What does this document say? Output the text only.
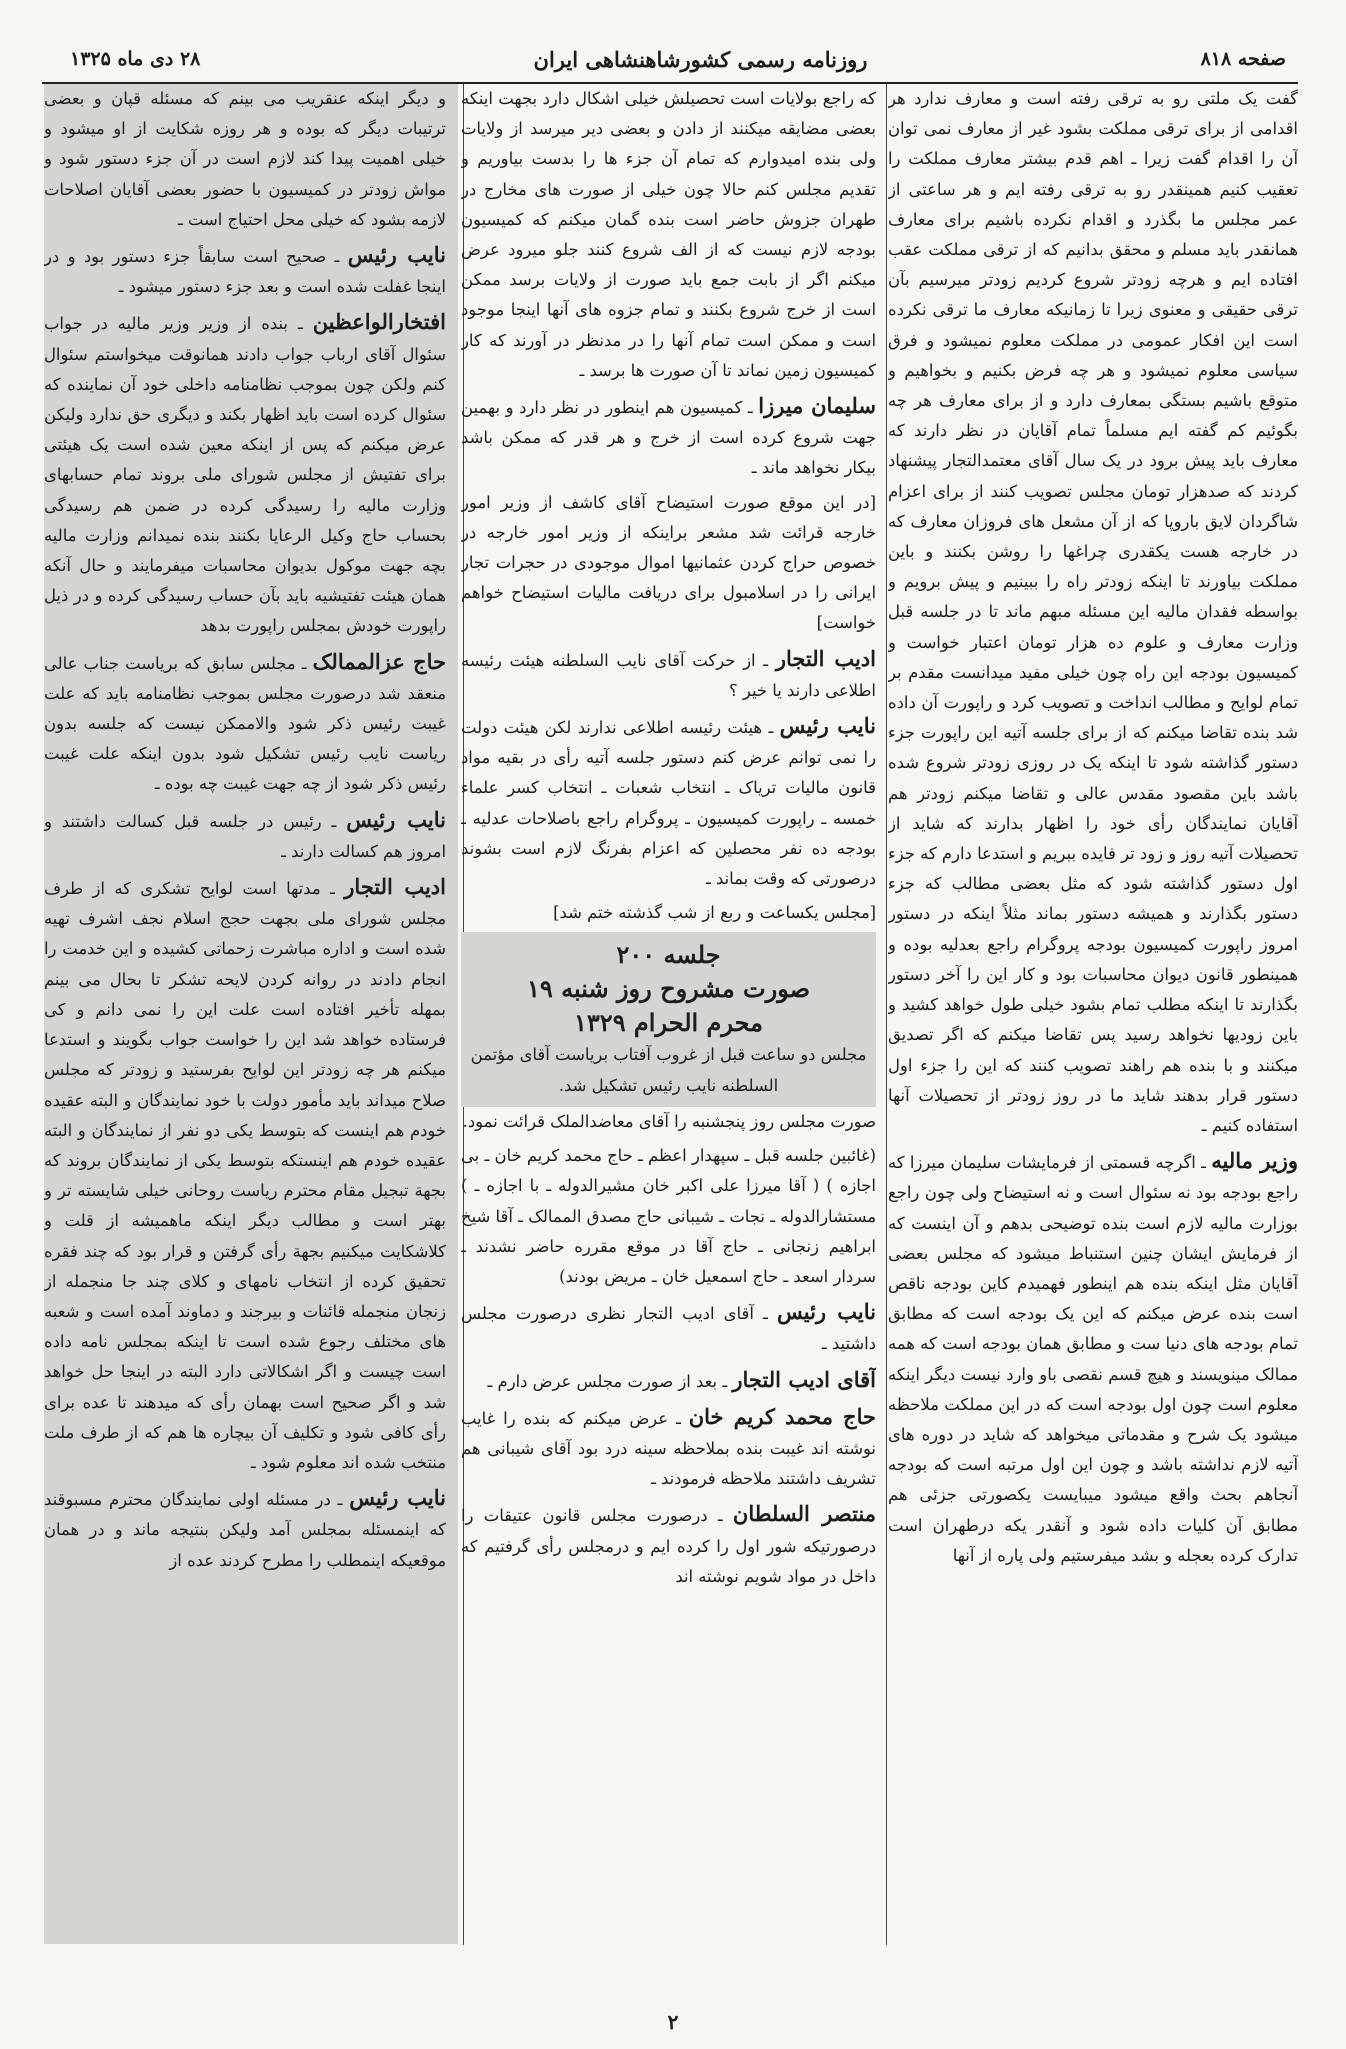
صفحه ۸۱۸
روزنامه رسمی کشورشاهنشاهی ایران
۲۸ دی ماه ۱۳۲۵

گفت یک ملتی رو به ترقی رفته است و معارف ندارد هر اقدامی از برای ترقی مملکت بشود غیر از معارف نمی توان آن را اقدام گفت زیرا ـ اهم قدم بیشتر معارف مملکت را تعقیب کنیم همینقدر رو به ترقی رفته ایم و هر ساعتی از عمر مجلس ما بگذرد و اقدام نکرده باشیم برای معارف همانقدر باید مسلم و محقق بدانیم که از ترقی مملکت عقب افتاده ایم و هرچه زودتر شروع کردیم زودتر میرسیم بآن ترقی حقیقی و معنوی زیرا تا زمانیکه معارف ما ترقی نکرده است این افکار عمومی در مملکت معلوم نمیشود و فرق سیاسی معلوم نمیشود و هر چه فرض بکنیم و بخواهیم و متوقع باشیم بستگی بمعارف دارد و از برای معارف هر چه بگوئیم کم گفته ایم مسلماً تمام آقایان در نظر دارند که معارف باید پیش برود در یک سال آقای معتمدالتجار پیشنهاد کردند که صدهزار تومان مجلس تصویب کنند از برای اعزام شاگردان لایق باروپا که از آن مشعل های فروزان معارف که در خارجه هست یکقدری چراغها را روشن بکنند و باین مملکت بیاورند تا اینکه زودتر راه را ببینیم و پیش برویم و بواسطه فقدان مالیه این مسئله مبهم ماند تا در جلسه قبل وزارت معارف و علوم ده هزار تومان اعتبار خواست و کمیسیون بودجه این راه چون خیلی مفید میدانست مقدم بر تمام لوایح و مطالب انداخت و تصویب کرد و راپورت آن داده شد بنده تقاضا میکنم که از برای جلسه آتیه این راپورت جزء دستور گذاشته شود تا اینکه یک در روزی زودتر شروع شده باشد باین مقصود مقدس عالی و تقاضا میکنم زودتر هم آقایان نمایندگان رأی خود را اظهار بدارند که شاید از تحصیلات آتیه روز و زود تر فایده ببریم و استدعا دارم که جزء اول دستور گذاشته شود که مثل بعضی مطالب که جزء دستور بگذارند و همیشه دستور بماند مثلاً اینکه در دستور امروز راپورت کمیسیون بودجه پروگرام راجع بعدلیه بوده و همینطور قانون دیوان محاسبات بود و کار این را آخر دستور بگذارند تا اینکه مطلب تمام بشود خیلی طول خواهد کشید و باین زودیها نخواهد رسید پس تقاضا میکنم که اگر تصدیق میکنند و با بنده هم راهند تصویب کنند که این را جزء اول دستور قرار بدهند شاید ما در روز زودتر از تحصیلات آنها استفاده کنیم ـ

وزیر مالیه ـ اگرچه قسمتی از فرمایشات سلیمان میرزا که راجع بودجه بود نه سئوال است و نه استیضاح ولی چون راجع بوزارت مالیه لازم است بنده توضیحی بدهم و آن اینست که از فرمایش ایشان چنین استنباط میشود که مجلس بعضی آقایان مثل اینکه بنده هم اینطور فهمیدم کاین بودجه ناقص است بنده عرض میکنم که این یک بودجه است که مطابق تمام بودجه های دنیا ست و مطابق همان بودجه است که همه ممالک مینویسند و هیچ قسم نقصی باو وارد نیست دیگر اینکه معلوم است چون اول بودجه است که در این مملکت ملاحظه میشود یک شرح و مقدماتی میخواهد که شاید در دوره های آتیه لازم نداشته باشد و چون این اول مرتبه است که بودجه آنجاهم بحث واقع میشود میبایست یکصورتی جزئی هم مطابق آن کلیات داده شود و آنقدر یکه درطهران است تدارک کرده بعجله و بشد میفرستیم ولی پاره از آنها

که راجع بولایات است تحصیلش خیلی اشکال دارد بجهت اینکه بعضی مضایقه میکنند از دادن و بعضی دیر میرسد از ولایات ولی بنده امیدوارم که تمام آن جزء ها را بدست بیاوریم و تقدیم مجلس کنم حالا چون خیلی از صورت های مخارج در طهران جزوش حاضر است بنده گمان میکنم که کمیسیون بودجه لازم نیست که از الف شروع کنند جلو میرود عرض میکنم اگر از بابت جمع باید صورت از ولایات برسد ممکن است از خرج شروع بکنند و تمام جزوه های آنها اینجا موجود است و ممکن است تمام آنها را در مدنظر در آورند که کار کمیسیون زمین نماند تا آن صورت ها برسد ـ

سلیمان میرزا ـ کمیسیون هم اینطور در نظر دارد و بهمین جهت شروع کرده است از خرج و هر قدر که ممکن باشد بیکار نخواهد ماند ـ

[در این موقع صورت استیضاح آقای کاشف از وزیر امور خارجه قرائت شد مشعر براینکه از وزیر امور خارجه در خصوص حراج کردن عثمانیها اموال موجودی در حجرات تجار ایرانی را در اسلامبول برای دریافت مالیات استیضاح خواهم خواست]

ادیب التجار ـ از حرکت آقای نایب السلطنه هیئت رئیسه اطلاعی دارند یا خیر ؟

نایب رئیس ـ هیئت رئیسه اطلاعی ندارند لکن هیئت دولت را نمی توانم عرض کنم دستور جلسه آتیه رأی در بقیه مواد قانون مالیات تریاک ـ انتخاب شعبات ـ انتخاب کسر علماء خمسه ـ راپورت کمیسیون ـ پروگرام راجع باصلاحات عدلیه ـ بودجه ده نفر محصلین که اعزام بفرنگ لازم است بشوند درصورتی که وقت بماند ـ

[مجلس یکساعت و ربع از شب گذشته ختم شد]

جلسه ۲۰۰
صورت مشروح روز شنبه ۱۹
محرم الحرام ۱۳۲۹

مجلس دو ساعت قبل از غروب آفتاب بریاست آقای مؤتمن السلطنه نایب رئیس تشکیل شد.

صورت مجلس روز پنجشنبه را آقای معاضدالملک قرائت نمود.

(غائبین جلسه قبل ـ سپهدار اعظم ـ حاج محمد کریم خان ـ بی اجازه ) ( آقا میرزا علی اکبر خان مشیرالدوله ـ با اجازه ـ ) مستشارالدوله ـ نجات ـ شیبانی حاج مصدق الممالک ـ آقا شیخ ابراهیم زنجانی ـ حاج آقا در موقع مقرره حاضر نشدند ـ سردار اسعد ـ حاج اسمعیل خان ـ مریض بودند)

نایب رئیس ـ آقای ادیب التجار نظری درصورت مجلس داشتید ـ

آقای ادیب التجار ـ بعد از صورت مجلس عرض دارم ـ

حاج محمد کریم خان ـ عرض میکنم که بنده را غایب نوشته اند غیبت بنده بملاحظه سینه درد بود آقای شیبانی هم تشریف داشتند ملاحظه فرمودند ـ

منتصر السلطان ـ درصورت مجلس قانون عتیقات را درصورتیکه شور اول را کرده ایم و درمجلس رأی گرفتیم که داخل در مواد شویم نوشته اند

و دیگر اینکه عنقریب می بینم که مسئله قپان و بعضی ترتیبات دیگر که بوده و هر روزه شکایت از او میشود و خیلی اهمیت پیدا کند لازم است در آن جزء دستور شود و مواش زودتر در کمیسیون با حضور بعضی آقایان اصلاحات لازمه بشود که خیلی محل احتیاج است ـ

نایب رئیس ـ صحیح است سابقاً جزء دستور بود و در اینجا غفلت شده است و بعد جزء دستور میشود ـ

افتخارالواعظین ـ بنده از وزیر وزیر مالیه در جواب سئوال آقای ارباب جواب دادند همانوقت میخواستم سئوال کنم ولکن چون بموجب نظامنامه داخلی خود آن نماینده که سئوال کرده است باید اظهار بکند و دیگری حق ندارد ولیکن عرض میکنم که پس از اینکه معین شده است یک هیئتی برای تفتیش از مجلس شورای ملی بروند تمام حسابهای وزارت مالیه را رسیدگی کرده در ضمن هم رسیدگی بحساب حاج وکیل الرعایا بکنند بنده نمیدانم وزارت مالیه بچه جهت موکول بدیوان محاسبات میفرمایند و حال آنکه همان هیئت تفتیشیه باید بآن حساب رسیدگی کرده و در ذیل راپورت خودش بمجلس راپورت بدهد

حاج عزالممالک ـ مجلس سابق که بریاست جناب عالی منعقد شد درصورت مجلس بموجب نظامنامه باید که علت غیبت رئیس ذکر شود والاممکن نیست که جلسه بدون ریاست نایب رئیس تشکیل شود بدون اینکه علت غیبت رئیس ذکر شود از چه جهت غیبت چه بوده ـ

نایب رئیس ـ رئیس در جلسه قبل کسالت داشتند و امروز هم کسالت دارند ـ

ادیب التجار ـ مدتها است لوایح تشکری که از طرف مجلس شورای ملی بجهت حجج اسلام نجف اشرف تهیه شده است و اداره مباشرت زحماتی کشیده و این خدمت را انجام دادند در روانه کردن لایحه تشکر تا بحال می بینم بمهله تأخیر افتاده است علت این را نمی دانم و کی فرستاده خواهد شد این را خواست جواب بگویند و استدعا میکنم هر چه زودتر این لوایح بفرستید و زودتر که مجلس صلاح میداند باید مأمور دولت با خود نمایندگان و البته عقیده خودم هم اینست که بتوسط یکی دو نفر از نمایندگان و البته عقیده خودم هم اینستکه بتوسط یکی از نمایندگان بروند که بجهة تبجیل مقام محترم ریاست روحانی خیلی شایسته تر و بهتر است و مطالب دیگر اینکه ماهمیشه از قلت و کلاشکایت میکنیم بجهة رأی گرفتن و قرار بود که چند فقره تحقیق کرده از انتخاب نامهای و کلای چند جا منجمله از زنجان منجمله قائنات و بیرجند و دماوند آمده است و شعبه های مختلف رجوع شده است تا اینکه بمجلس نامه داده است چیست و اگر اشکالاتی دارد البته در اینجا حل خواهد شد و اگر صحیح است بهمان رأی که میدهند تا عده برای رأی کافی شود و تکلیف آن بیچاره ها هم که از طرف ملت منتخب شده اند معلوم شود ـ

نایب رئیس ـ در مسئله اولی نمایندگان محترم مسبوقند که اینمسئله بمجلس آمد ولیکن بنتیجه ماند و در همان موقعیکه اینمطلب را مطرح کردند عده از

۲
